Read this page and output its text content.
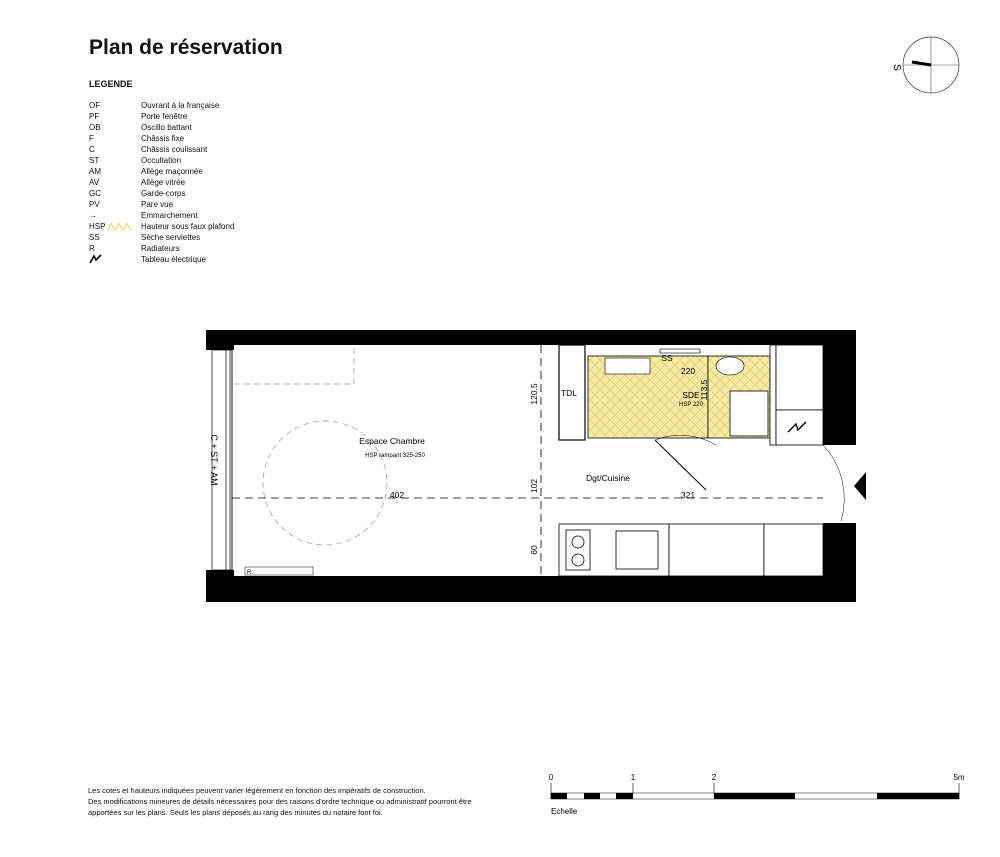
Plan de réservation
LEGENDE
OF	Ouvrant à la française
PF	Porte fenêtre
OB	Oscillo battant
F	Châssis fixe
C	Châssis coulissant
ST	Occultation
AM	Allège maçonnée
AV	Allège vitrée
GC	Garde-corps
PV	Pare vue
→	Emmarchement
HSP	Hauteur sous faux plafond
SS	Sèche serviettes
R	Radiateurs
Tableau électrique
S
C + ST + AM	Espace Chambre
HSP rampant 325-250
SDE
HSP 220
Dgt/Cuisine
TDL
SS
R
402	321
120.5
102
60
220
113.5
0	1	2	5m
Echelle
Les cotes et hauteurs indiquées peuvent varier légèrement en fonction des impératifs de construction.
Des modifications mineures de détails nécessaires pour des raisons d'ordre technique ou administratif pourront être
apportées sur les plans. Seuls les plans déposés au rang des minutes du notaire font foi.
